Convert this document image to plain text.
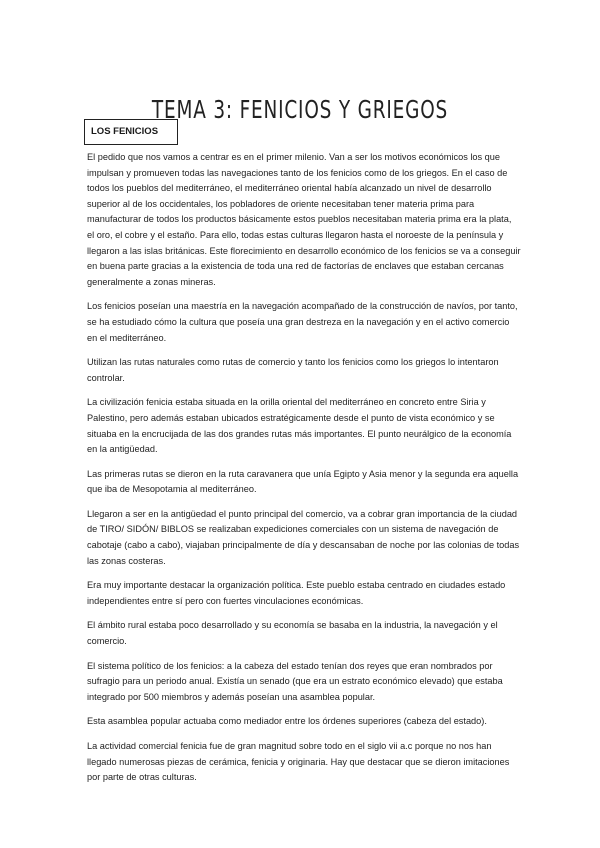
TEMA 3: FENICIOS Y GRIEGOS
LOS FENICIOS

El pedido que nos vamos a centrar es en el primer milenio. Van a ser los motivos económicos los que impulsan y promueven todas las navegaciones tanto de los fenicios como de los griegos. En el caso de todos los pueblos del mediterráneo, el mediterráneo oriental había alcanzado un nivel de desarrollo superior al de los occidentales, los pobladores de oriente necesitaban tener materia prima para manufacturar de todos los productos básicamente estos pueblos necesitaban materia prima era la plata, el oro, el cobre y el estaño. Para ello, todas estas culturas llegaron hasta el noroeste de la península y llegaron a las islas británicas. Este florecimiento en desarrollo económico de los fenicios se va a conseguir en buena parte gracias a la existencia de toda una red de factorías de enclaves que estaban cercanas generalmente a zonas mineras.

Los fenicios poseían una maestría en la navegación acompañado de la construcción de navíos, por tanto, se ha estudiado cómo la cultura que poseía una gran destreza en la navegación y en el activo comercio en el mediterráneo.

Utilizan las rutas naturales como rutas de comercio y tanto los fenicios como los griegos lo intentaron controlar.

La civilización fenicia estaba situada en la orilla oriental del mediterráneo en concreto entre Siria y Palestino, pero además estaban ubicados estratégicamente desde el punto de vista económico y se situaba en la encrucijada de las dos grandes rutas más importantes. El punto neurálgico de la economía en la antigüedad.

Las primeras rutas se dieron en la ruta caravanera que unía Egipto y Asia menor y la segunda era aquella que iba de Mesopotamia al mediterráneo.

Llegaron a ser en la antigüedad el punto principal del comercio, va a cobrar gran importancia de la ciudad de TIRO/ SIDÓN/ BIBLOS se realizaban expediciones comerciales con un sistema de navegación de cabotaje (cabo a cabo), viajaban principalmente de día y descansaban de noche por las colonias de todas las zonas costeras.

Era muy importante destacar la organización política. Este pueblo estaba centrado en ciudades estado independientes entre sí pero con fuertes vinculaciones económicas.

El ámbito rural estaba poco desarrollado y su economía se basaba en la industria, la navegación y el comercio.

El sistema político de los fenicios: a la cabeza del estado tenían dos reyes que eran nombrados por sufragio para un periodo anual. Existía un senado (que era un estrato económico elevado) que estaba integrado por 500 miembros y además poseían una asamblea popular.

Esta asamblea popular actuaba como mediador entre los órdenes superiores (cabeza del estado).

La actividad comercial fenicia fue de gran magnitud sobre todo en el siglo vii a.c porque no nos han llegado numerosas piezas de cerámica, fenicia y originaria. Hay que destacar que se dieron imitaciones por parte de otras culturas.
